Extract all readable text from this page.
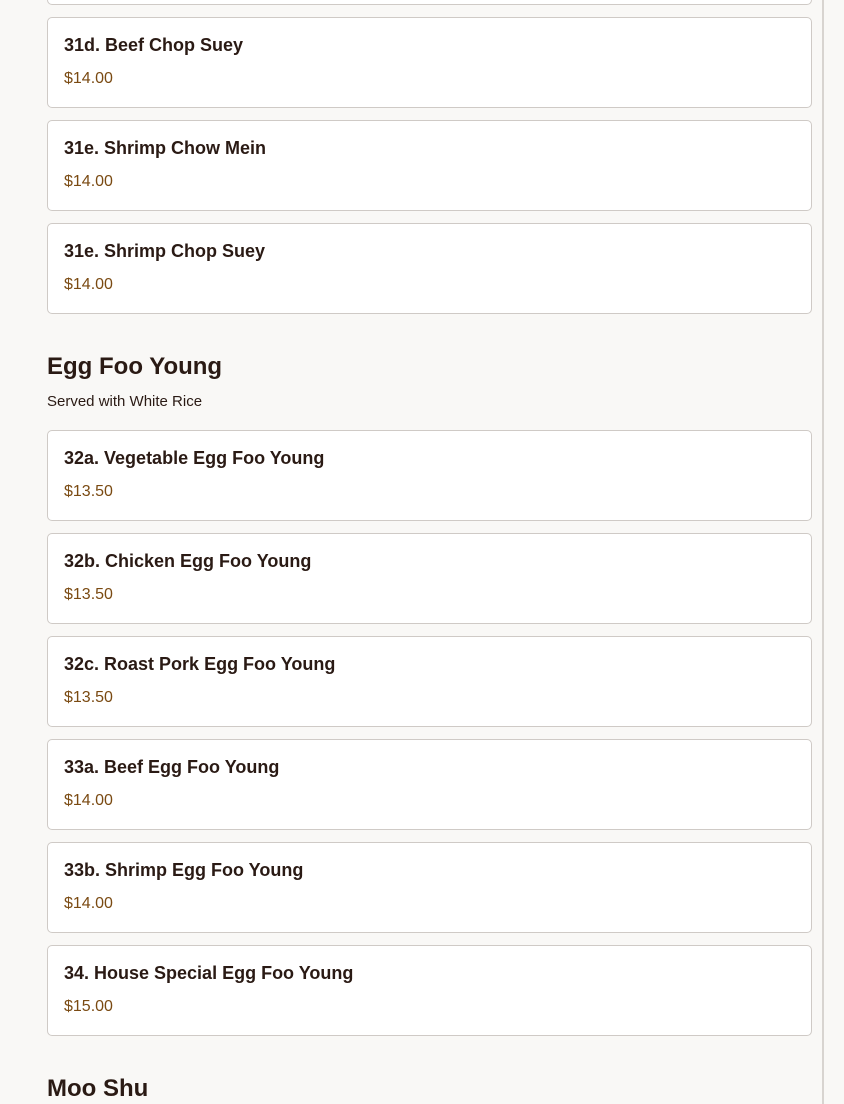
31d. Beef Chop Suey
$14.00
31e. Shrimp Chow Mein
$14.00
31e. Shrimp Chop Suey
$14.00
Egg Foo Young
Served with White Rice
32a. Vegetable Egg Foo Young
$13.50
32b. Chicken Egg Foo Young
$13.50
32c. Roast Pork Egg Foo Young
$13.50
33a. Beef Egg Foo Young
$14.00
33b. Shrimp Egg Foo Young
$14.00
34. House Special Egg Foo Young
$15.00
Moo Shu
